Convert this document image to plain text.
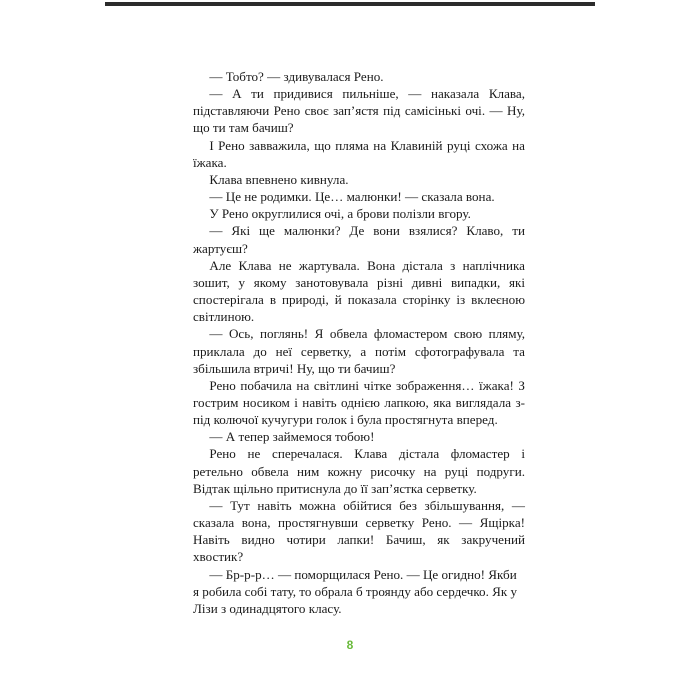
— Тобто? — здивувалася Рено.

— А ти придивися пильніше, — наказала Клава, підставляючи Рено своє зап’ястя під самісінькі очі. — Ну, що ти там бачиш?

І Рено завважила, що пляма на Клавиній руці схожа на їжака.

Клава впевнено кивнула.

— Це не родимки. Це… малюнки! — сказала вона.

У Рено округлилися очі, а брови полізли вгору.

— Які ще малюнки? Де вони взялися? Клаво, ти жартуєш?

Але Клава не жартувала. Вона дістала з наплічника зошит, у якому занотовувала різні дивні випадки, які спостерігала в природі, й показала сторінку із вклеєною світлиною.

— Ось, поглянь! Я обвела фломастером свою пляму, приклала до неї серветку, а потім сфотографувала та збільшила втричі! Ну, що ти бачиш?

Рено побачила на світлині чітке зображення… їжака! З гострим носиком і навіть однією лапкою, яка виглядала з-під колючої кучугури голок і була простягнута вперед.

— А тепер займемося тобою!

Рено не сперечалася. Клава дістала фломастер і ретельно обвела ним кожну рисочку на руці подруги. Відтак щільно притиснула до її зап’ястка серветку.

— Тут навіть можна обійтися без збільшування, — сказала вона, простягнувши серветку Рено. — Ящірка! Навіть видно чотири лапки! Бачиш, як закручений хвостик?

— Бр-р-р… — поморщилася Рено. — Це огидно! Якби я робила собі тату, то обрала б троянду або сердечко. Як у Лізи з одинадцятого класу.

8
